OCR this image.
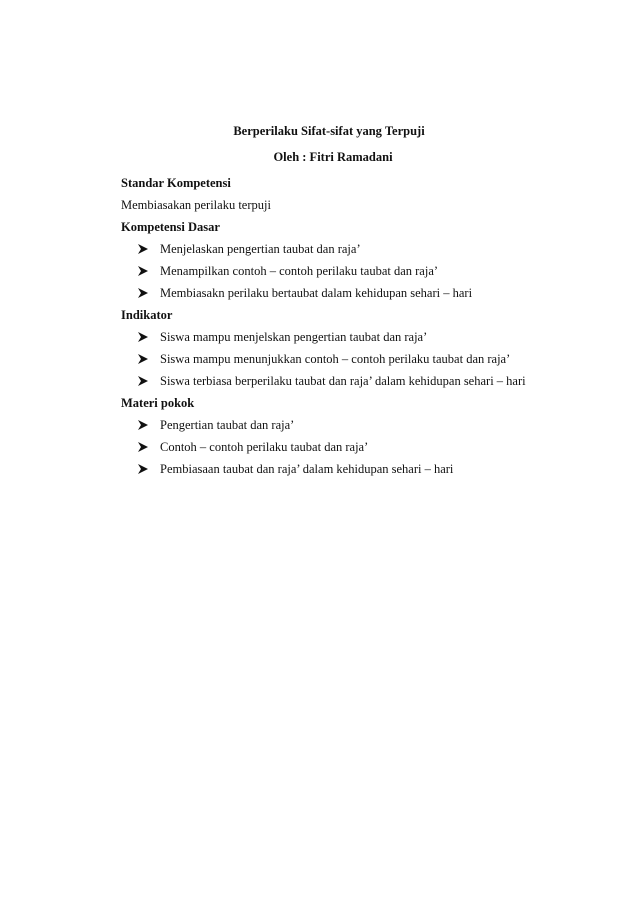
Berperilaku Sifat-sifat yang Terpuji
Oleh : Fitri Ramadani
Standar Kompetensi
Membiasakan perilaku terpuji
Kompetensi Dasar
Menjelaskan pengertian taubat dan raja’
Menampilkan contoh – contoh perilaku taubat dan raja’
Membiasakn perilaku bertaubat dalam kehidupan sehari – hari
Indikator
Siswa mampu menjelskan pengertian taubat dan raja’
Siswa mampu menunjukkan contoh – contoh perilaku taubat dan raja’
Siswa terbiasa berperilaku taubat dan raja’ dalam kehidupan sehari – hari
Materi pokok
Pengertian taubat dan raja’
Contoh – contoh perilaku taubat dan raja’
Pembiasaan taubat dan raja’ dalam kehidupan sehari – hari
